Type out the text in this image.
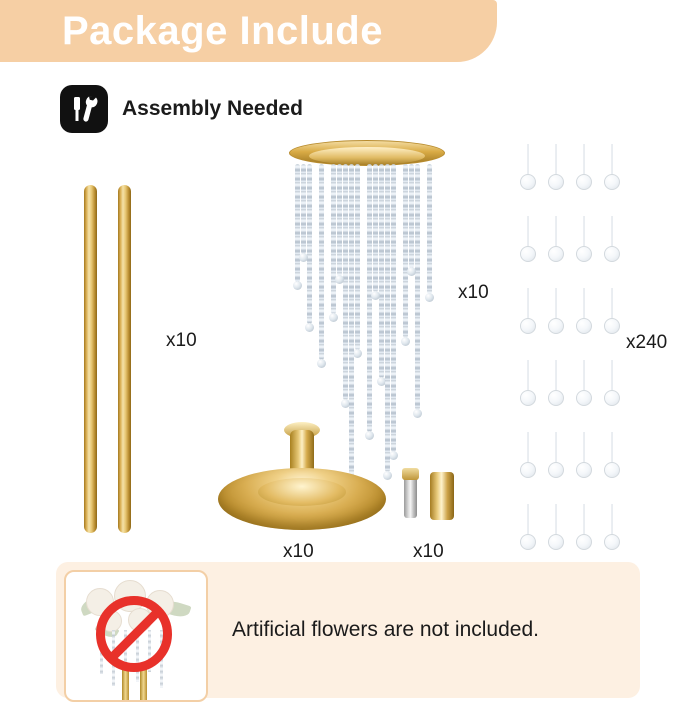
Package Include
Assembly Needed
x10
x10
x10	x10
x240
Artificial flowers are not included.
